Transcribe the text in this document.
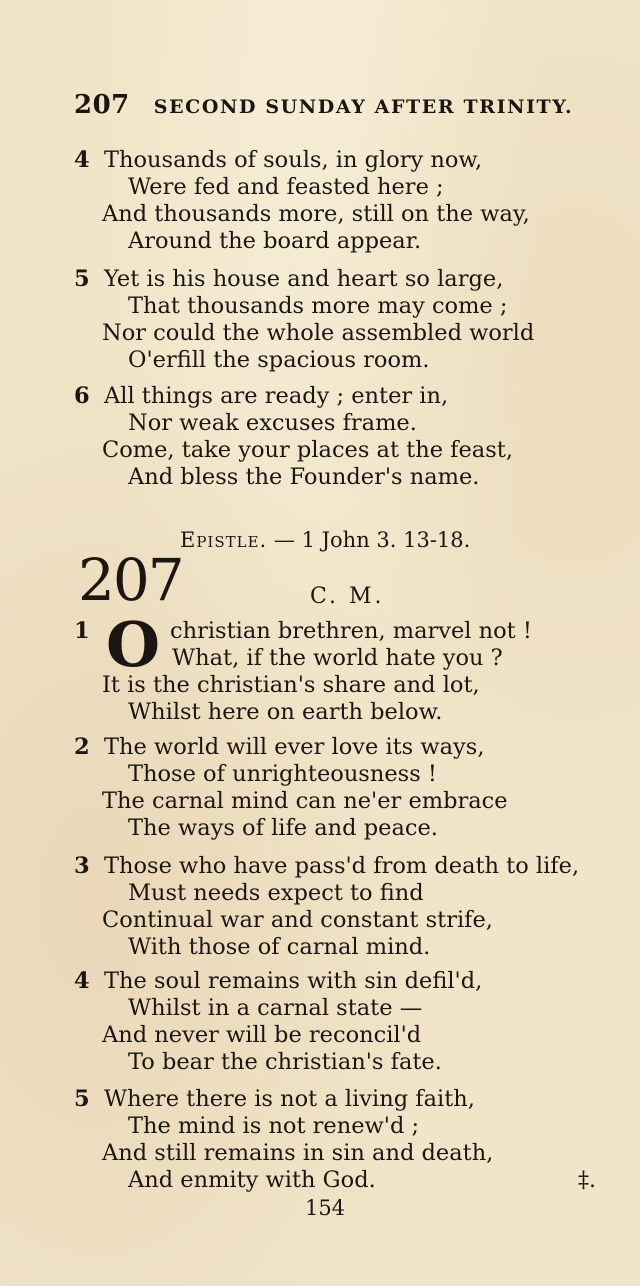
207 SECOND SUNDAY AFTER TRINITY.
4 Thousands of souls, in glory now,
Were fed and feasted here ;
And thousands more, still on the way,
Around the board appear.
5 Yet is his house and heart so large,
That thousands more may come ;
Nor could the whole assembled world
O'erfill the spacious room.
6 All things are ready ; enter in,
Nor weak excuses frame.
Come, take your places at the feast,
And bless the Founder's name.
Epistle. — 1 John 3. 13-18.
207	C. M.
O
1	christian brethren, marvel not !
What, if the world hate you ?
It is the christian's share and lot,
Whilst here on earth below.
2 The world will ever love its ways,
Those of unrighteousness !
The carnal mind can ne'er embrace
The ways of life and peace.
3 Those who have pass'd from death to life,
Must needs expect to find
Continual war and constant strife,
With those of carnal mind.
4 The soul remains with sin defil'd,
Whilst in a carnal state —
And never will be reconcil'd
To bear the christian's fate.
5 Where there is not a living faith,
The mind is not renew'd ;
And still remains in sin and death,
And enmity with God.	‡.
154
